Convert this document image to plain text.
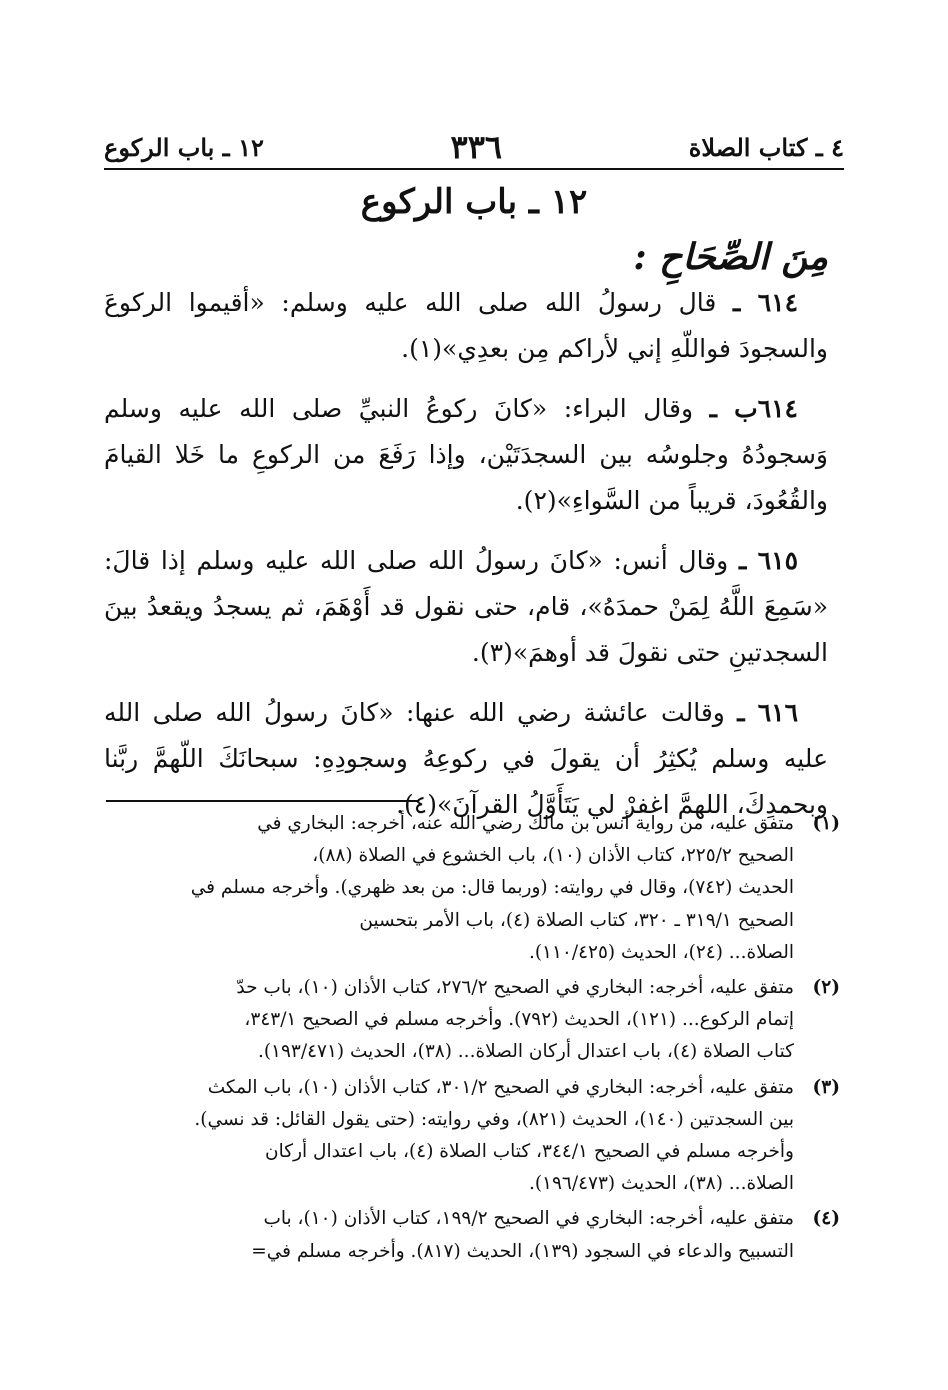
٤ ـ كتاب الصلاة
٣٣٦
١٢ ـ باب الركوع
١٢ ـ باب الركوع
مِنَ الصِّحَاحِ :

٦١٤ ـ قال رسولُ الله صلى الله عليه وسلم: «أقيموا الركوعَ والسجودَ فواللّهِ إني لأراكم مِن بعدِي»(١).

٦١٤ب ـ وقال البراء: «كانَ ركوعُ النبيِّ صلى الله عليه وسلم وَسجودُهُ وجلوسُه بين السجدَتَيْن، وإذا رَفَعَ من الركوعِ ما خَلا القيامَ والقُعُودَ، قريباً من السَّواءِ»(٢).

٦١٥ ـ وقال أنس: «كانَ رسولُ الله صلى الله عليه وسلم إذا قالَ: «سَمِعَ اللَّهُ لِمَنْ حمدَهُ»، قام، حتى نقول قد أَوْهَمَ، ثم يسجدُ ويقعدُ بينَ السجدتينِ حتى نقولَ قد أوهمَ»(٣).

٦١٦ ـ وقالت عائشة رضي الله عنها: «كانَ رسولُ الله صلى الله عليه وسلم يُكثِرُ أن يقولَ في ركوعِهُ وسجودِهِ: سبحانَكَ اللّهمَّ ربَّنا وبحمدِكَ، اللهمَّ اغفرْ لي يَتَأَوَّلُ القرآنَ»(٤).

(١)
متفق عليه، من رواية أنس بن مالك رضي الله عنه، أخرجه: البخاري في
الصحيح ٢٢٥/٢، كتاب الأذان (١٠)، باب الخشوع في الصلاة (٨٨)،
الحديث (٧٤٢)، وقال في روايته: (وربما قال: من بعد ظهري). وأخرجه مسلم في
الصحيح ٣١٩/١ ـ ٣٢٠، كتاب الصلاة (٤)، باب الأمر بتحسين
الصلاة... (٢٤)، الحديث (١١٠/٤٢٥).
(٢)
متفق عليه، أخرجه: البخاري في الصحيح ٢٧٦/٢، كتاب الأذان (١٠)، باب حدّ
إتمام الركوع... (١٢١)، الحديث (٧٩٢). وأخرجه مسلم في الصحيح ٣٤٣/١،
كتاب الصلاة (٤)، باب اعتدال أركان الصلاة... (٣٨)، الحديث (١٩٣/٤٧١).
(٣)
متفق عليه، أخرجه: البخاري في الصحيح ٣٠١/٢، كتاب الأذان (١٠)، باب المكث
بين السجدتين (١٤٠)، الحديث (٨٢١)، وفي روايته: (حتى يقول القائل: قد نسي).
وأخرجه مسلم في الصحيح ٣٤٤/١، كتاب الصلاة (٤)، باب اعتدال أركان
الصلاة... (٣٨)، الحديث (١٩٦/٤٧٣).
(٤)
متفق عليه، أخرجه: البخاري في الصحيح ١٩٩/٢، كتاب الأذان (١٠)، باب
التسبيح والدعاء في السجود (١٣٩)، الحديث (٨١٧). وأخرجه مسلم في=
